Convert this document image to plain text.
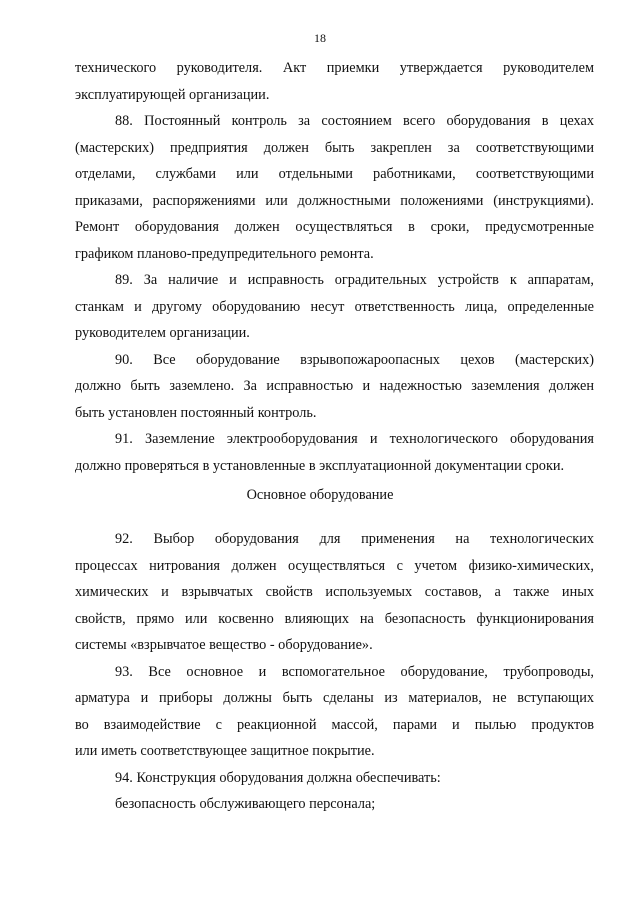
18
технического руководителя. Акт приемки утверждается руководителем
эксплуатирующей организации.
88. Постоянный контроль за состоянием всего оборудования в цехах
(мастерских) предприятия должен быть закреплен за соответствующими
отделами, службами или отдельными работниками, соответствующими
приказами, распоряжениями или должностными положениями (инструкциями).
Ремонт оборудования должен осуществляться в сроки, предусмотренные
графиком планово-предупредительного ремонта.
89. За наличие и исправность оградительных устройств к аппаратам,
станкам и другому оборудованию несут ответственность лица, определенные
руководителем организации.
90. Все оборудование взрывопожароопасных цехов (мастерских)
должно быть заземлено. За исправностью и надежностью заземления должен
быть установлен постоянный контроль.
91. Заземление электрооборудования и технологического оборудования
должно проверяться в установленные в эксплуатационной документации сроки.
Основное оборудование
92. Выбор оборудования для применения на технологических
процессах нитрования должен осуществляться с учетом физико-химических,
химических и взрывчатых свойств используемых составов, а также иных
свойств, прямо или косвенно влияющих на безопасность функционирования
системы «взрывчатое вещество - оборудование».
93. Все основное и вспомогательное оборудование, трубопроводы,
арматура и приборы должны быть сделаны из материалов, не вступающих
во взаимодействие с реакционной массой, парами и пылью продуктов
или иметь соответствующее защитное покрытие.
94. Конструкция оборудования должна обеспечивать:
безопасность обслуживающего персонала;
